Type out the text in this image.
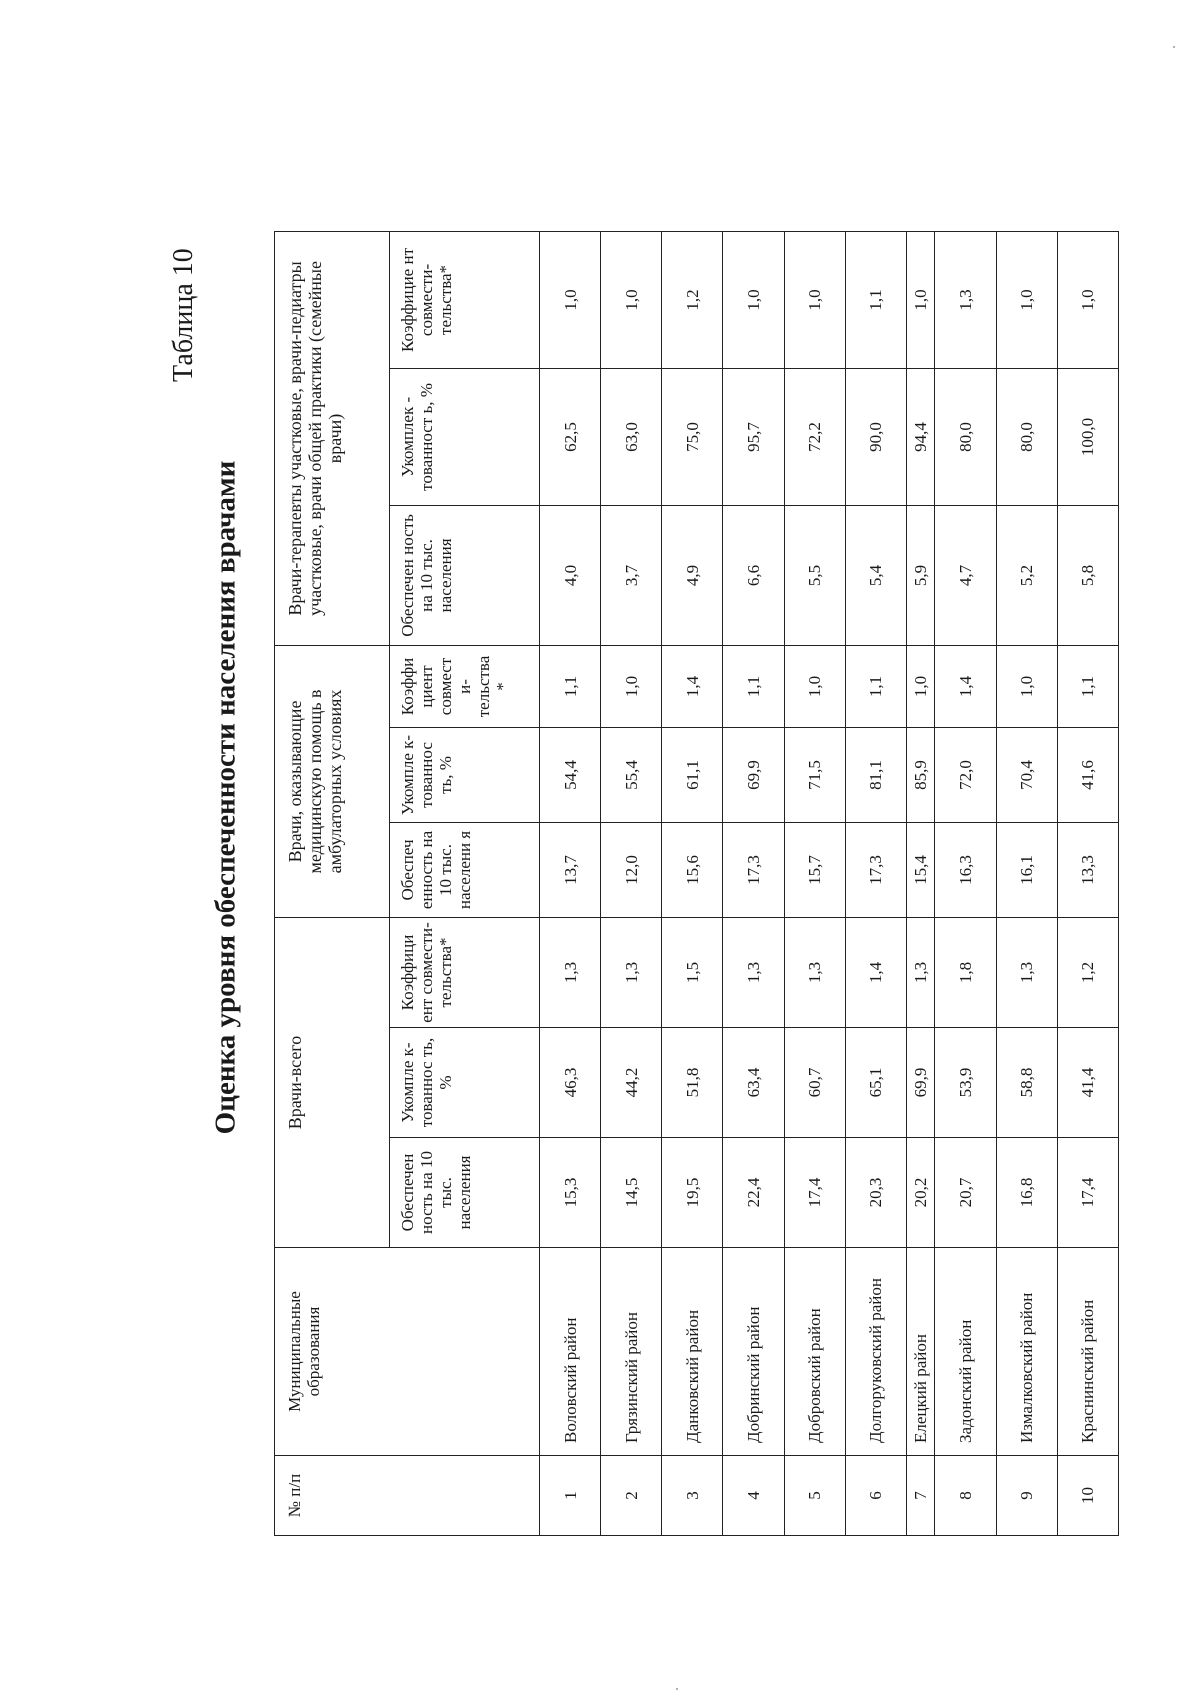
Таблица 10
Оценка уровня обеспеченности населения врачами
№ п/п	Муниципальные образования	Врачи-всего			Врачи, оказывающие медицинскую помощь в амбулаторных условиях			Врачи-терапевты участковые, врачи-педиатры участковые, врачи общей практики (семейные врачи)		
		Обеспечен ность на 10 тыс. населения	Укомпле к-тованнос ть, %	Коэффици ент совмести-тельства*	Обеспеч енность на 10 тыс. населени я	Укомпле к-тованнос ть, %	Коэффи циент совмест и-тельства *	Обеспечен ность на 10 тыс. населения	Укомплек - тованност ь, %	Коэффицие нт совмести-тельства*
1	Воловский район	15,3	46,3	1,3	13,7	54,4	1,1	4,0	62,5	1,0
2	Грязинский район	14,5	44,2	1,3	12,0	55,4	1,0	3,7	63,0	1,0
3	Данковский район	19,5	51,8	1,5	15,6	61,1	1,4	4,9	75,0	1,2
4	Добринский район	22,4	63,4	1,3	17,3	69,9	1,1	6,6	95,7	1,0
5	Добровский район	17,4	60,7	1,3	15,7	71,5	1,0	5,5	72,2	1,0
6	Долгоруковский район	20,3	65,1	1,4	17,3	81,1	1,1	5,4	90,0	1,1
7	Елецкий район	20,2	69,9	1,3	15,4	85,9	1,0	5,9	94,4	1,0
8	Задонский район	20,7	53,9	1,8	16,3	72,0	1,4	4,7	80,0	1,3
9	Измалковский район	16,8	58,8	1,3	16,1	70,4	1,0	5,2	80,0	1,0
10	Краснинский район	17,4	41,4	1,2	13,3	41,6	1,1	5,8	100,0	1,0
